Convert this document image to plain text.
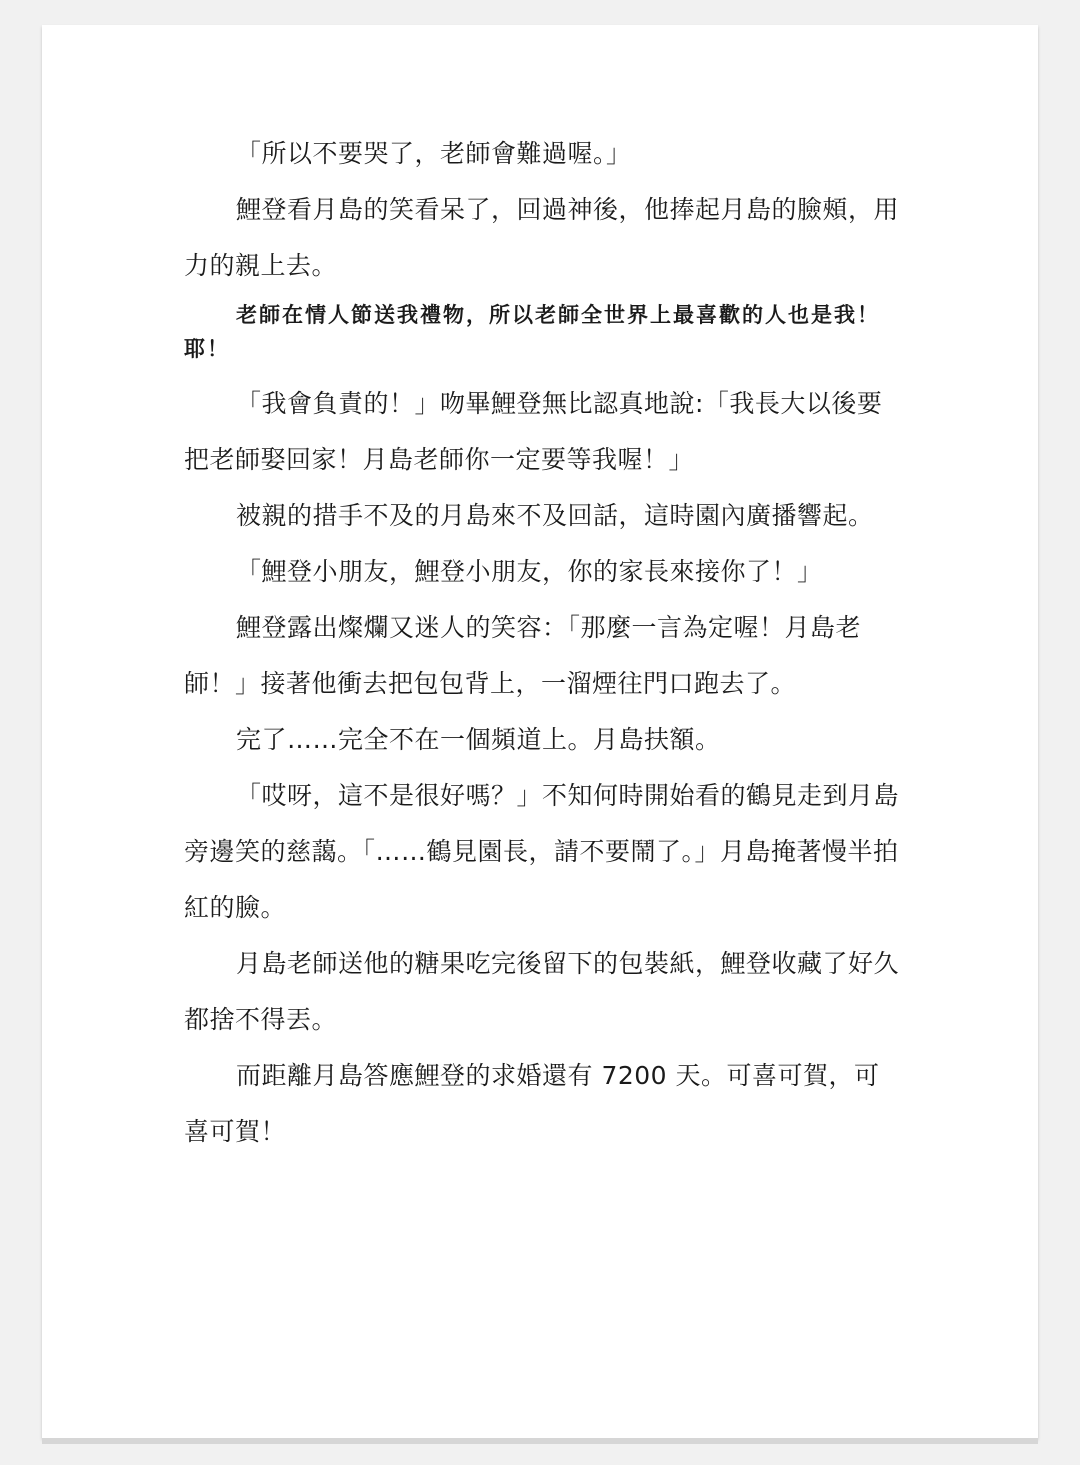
「所以不要哭了，老師會難過喔。」

鯉登看月島的笑看呆了，回過神後，他捧起月島的臉頰，用力的親上去。

老師在情人節送我禮物，所以老師全世界上最喜歡的人也是我！耶！

「我會負責的！」吻畢鯉登無比認真地說:「我長大以後要把老師娶回家！月島老師你一定要等我喔！」

被親的措手不及的月島來不及回話，這時園內廣播響起。

「鯉登小朋友，鯉登小朋友，你的家長來接你了！」

鯉登露出燦爛又迷人的笑容：「那麼一言為定喔！月島老師！」接著他衝去把包包背上，一溜煙往門口跑去了。

完了……完全不在一個頻道上。月島扶額。

「哎呀，這不是很好嗎？」不知何時開始看的鶴見走到月島旁邊笑的慈藹。「……鶴見園長，請不要鬧了。」月島掩著慢半拍紅的臉。

月島老師送他的糖果吃完後留下的包裝紙，鯉登收藏了好久都捨不得丟。

而距離月島答應鯉登的求婚還有 7200 天。可喜可賀，可喜可賀！
